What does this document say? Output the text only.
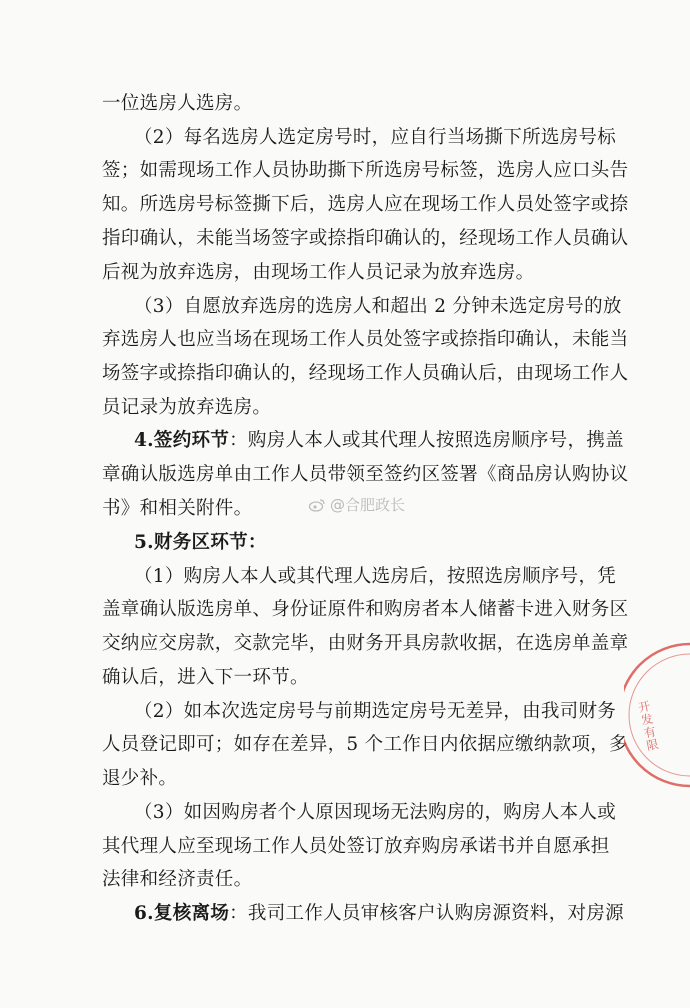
一位选房人选房。
（2）每名选房人选定房号时，应自行当场撕下所选房号标
签；如需现场工作人员协助撕下所选房号标签，选房人应口头告
知。所选房号标签撕下后，选房人应在现场工作人员处签字或捺
指印确认，未能当场签字或捺指印确认的，经现场工作人员确认
后视为放弃选房，由现场工作人员记录为放弃选房。
（3）自愿放弃选房的选房人和超出 2 分钟未选定房号的放
弃选房人也应当场在现场工作人员处签字或捺指印确认，未能当
场签字或捺指印确认的，经现场工作人员确认后，由现场工作人
员记录为放弃选房。
4.签约环节：购房人本人或其代理人按照选房顺序号，携盖
章确认版选房单由工作人员带领至签约区签署《商品房认购协议
书》和相关附件。
5.财务区环节：
（1）购房人本人或其代理人选房后，按照选房顺序号，凭
盖章确认版选房单、身份证原件和购房者本人储蓄卡进入财务区
交纳应交房款，交款完毕，由财务开具房款收据，在选房单盖章
确认后，进入下一环节。
（2）如本次选定房号与前期选定房号无差异，由我司财务
人员登记即可；如存在差异，5 个工作日内依据应缴纳款项，多
退少补。
（3）如因购房者个人原因现场无法购房的，购房人本人或
其代理人应至现场工作人员处签订放弃购房承诺书并自愿承担
法律和经济责任。
6.复核离场：我司工作人员审核客户认购房源资料，对房源
@合肥政长
开发有限
